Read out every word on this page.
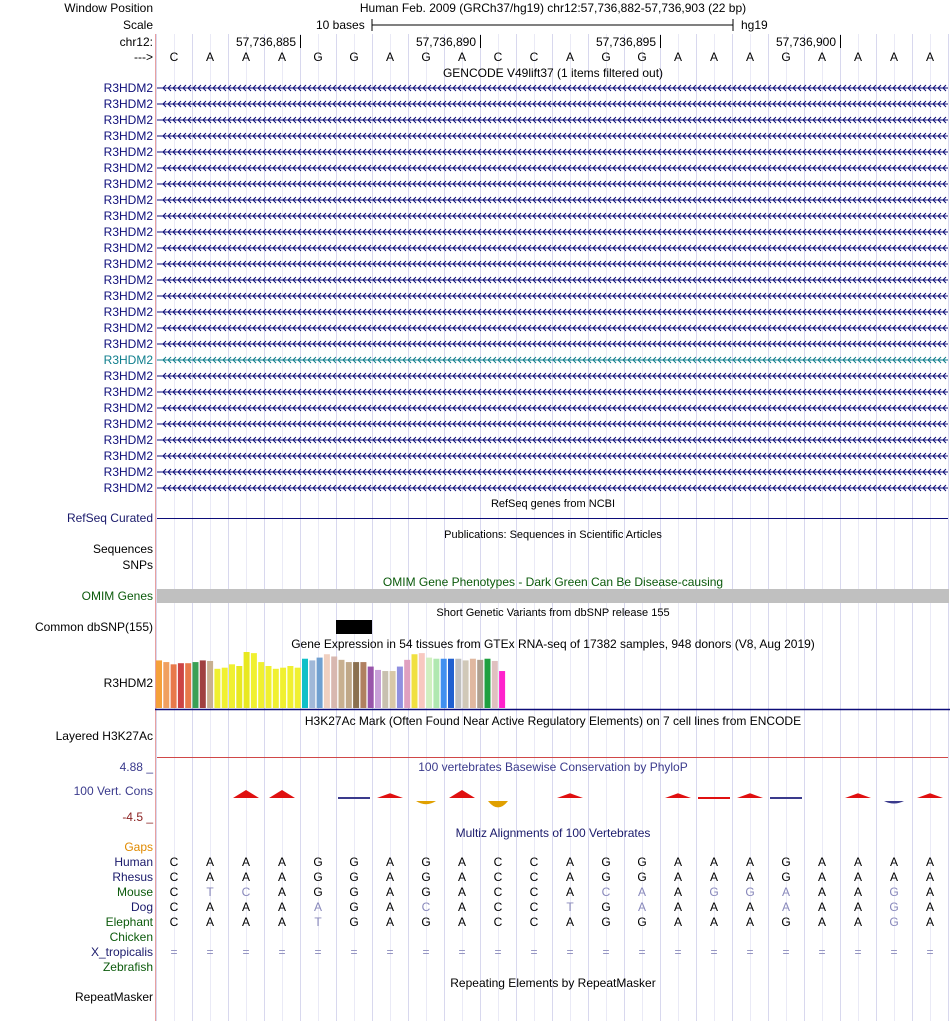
Window Position	Human Feb. 2009 (GRCh37/hg19) chr12:57,736,882-57,736,903 (22 bp)
Scale	10 bases	hg19
chr12:	57,736,885	57,736,890	57,736,895	57,736,900
--->	C	A	A	A	G	G	A	G	A	C	C	A	G	G	A	A	A	G	A	A	A	A
GENCODE V49lift37 (1 items filtered out)
R3HDM2
R3HDM2
R3HDM2
R3HDM2
R3HDM2
R3HDM2
R3HDM2
R3HDM2
R3HDM2
R3HDM2
R3HDM2
R3HDM2
R3HDM2
R3HDM2
R3HDM2
R3HDM2
R3HDM2
R3HDM2
R3HDM2
R3HDM2
R3HDM2
R3HDM2
R3HDM2
R3HDM2
R3HDM2
R3HDM2
RefSeq genes from NCBI
RefSeq Curated
Publications: Sequences in Scientific Articles
Sequences
SNPs
OMIM Gene Phenotypes - Dark Green Can Be Disease-causing
OMIM Genes
Short Genetic Variants from dbSNP release 155
Common dbSNP(155)
Gene Expression in 54 tissues from GTEx RNA-seq of 17382 samples, 948 donors (V8, Aug 2019)
R3HDM2
H3K27Ac Mark (Often Found Near Active Regulatory Elements) on 7 cell lines from ENCODE
Layered H3K27Ac
100 vertebrates Basewise Conservation by PhyloP
4.88 _
100 Vert. Cons
-4.5 _
Multiz Alignments of 100 Vertebrates
Gaps
Human	C	A	A	A	G	G	A	G	A	C	C	A	G	G	A	A	A	G	A	A	A	A
Rhesus	C	A	A	A	G	G	A	G	A	C	C	A	G	G	A	A	A	G	A	A	A	A
Mouse	C	T	C	A	G	G	A	G	A	C	C	A	C	A	A	G	G	A	A	A	G	A
Dog	C	A	A	A	A	G	A	C	A	C	C	T	G	A	A	A	A	A	A	A	G	A
Elephant	C	A	A	A	T	G	A	G	A	C	C	A	G	G	A	A	A	G	A	A	G	A
Chicken
X_tropicalis	=	=	=	=	=	=	=	=	=	=	=	=	=	=	=	=	=	=	=	=	=	=
Zebrafish
Repeating Elements by RepeatMasker
RepeatMasker
